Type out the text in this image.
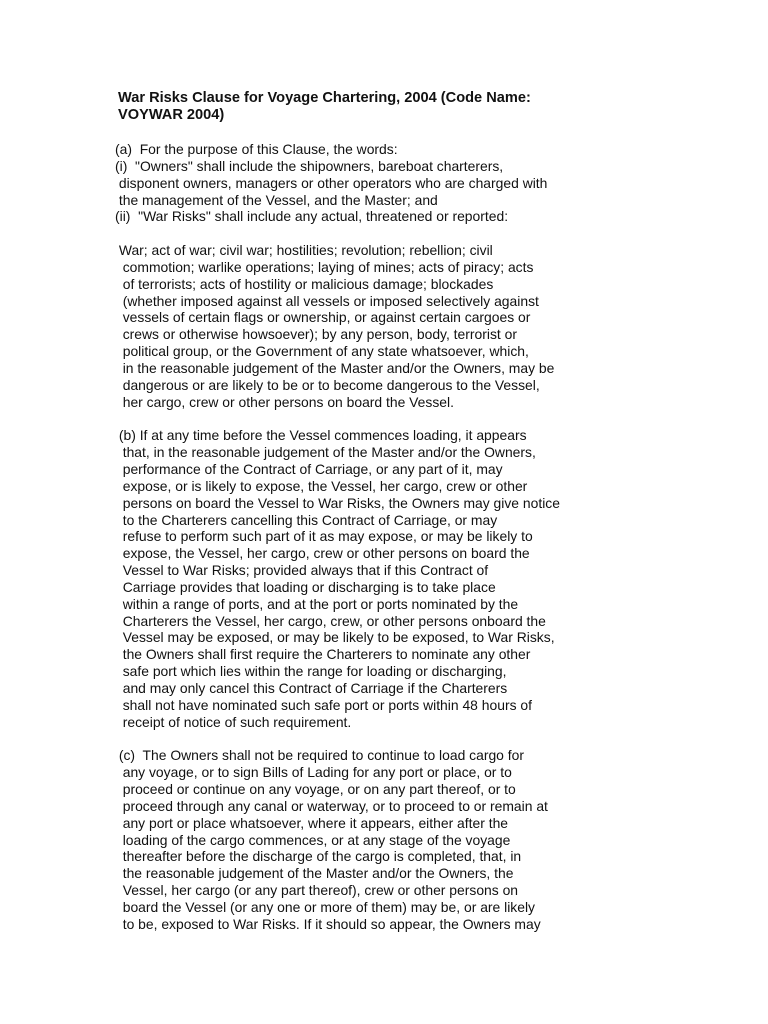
War Risks Clause for Voyage Chartering, 2004 (Code Name:
VOYWAR 2004)
(a)  For the purpose of this Clause, the words:
(i)  "Owners" shall include the shipowners, bareboat charterers,
disponent owners, managers or other operators who are charged with
the management of the Vessel, and the Master; and
(ii)  "War Risks" shall include any actual, threatened or reported:
War; act of war; civil war; hostilities; revolution; rebellion; civil
commotion; warlike operations; laying of mines; acts of piracy; acts
of terrorists; acts of hostility or malicious damage; blockades
(whether imposed against all vessels or imposed selectively against
vessels of certain flags or ownership, or against certain cargoes or
crews or otherwise howsoever); by any person, body, terrorist or
political group, or the Government of any state whatsoever, which,
in the reasonable judgement of the Master and/or the Owners, may be
dangerous or are likely to be or to become dangerous to the Vessel,
her cargo, crew or other persons on board the Vessel.
(b) If at any time before the Vessel commences loading, it appears
that, in the reasonable judgement of the Master and/or the Owners,
performance of the Contract of Carriage, or any part of it, may
expose, or is likely to expose, the Vessel, her cargo, crew or other
persons on board the Vessel to War Risks, the Owners may give notice
to the Charterers cancelling this Contract of Carriage, or may
refuse to perform such part of it as may expose, or may be likely to
expose, the Vessel, her cargo, crew or other persons on board the
Vessel to War Risks; provided always that if this Contract of
Carriage provides that loading or discharging is to take place
within a range of ports, and at the port or ports nominated by the
Charterers the Vessel, her cargo, crew, or other persons onboard the
Vessel may be exposed, or may be likely to be exposed, to War Risks,
the Owners shall first require the Charterers to nominate any other
safe port which lies within the range for loading or discharging,
and may only cancel this Contract of Carriage if the Charterers
shall not have nominated such safe port or ports within 48 hours of
receipt of notice of such requirement.
(c)  The Owners shall not be required to continue to load cargo for
any voyage, or to sign Bills of Lading for any port or place, or to
proceed or continue on any voyage, or on any part thereof, or to
proceed through any canal or waterway, or to proceed to or remain at
any port or place whatsoever, where it appears, either after the
loading of the cargo commences, or at any stage of the voyage
thereafter before the discharge of the cargo is completed, that, in
the reasonable judgement of the Master and/or the Owners, the
Vessel, her cargo (or any part thereof), crew or other persons on
board the Vessel (or any one or more of them) may be, or are likely
to be, exposed to War Risks. If it should so appear, the Owners may
